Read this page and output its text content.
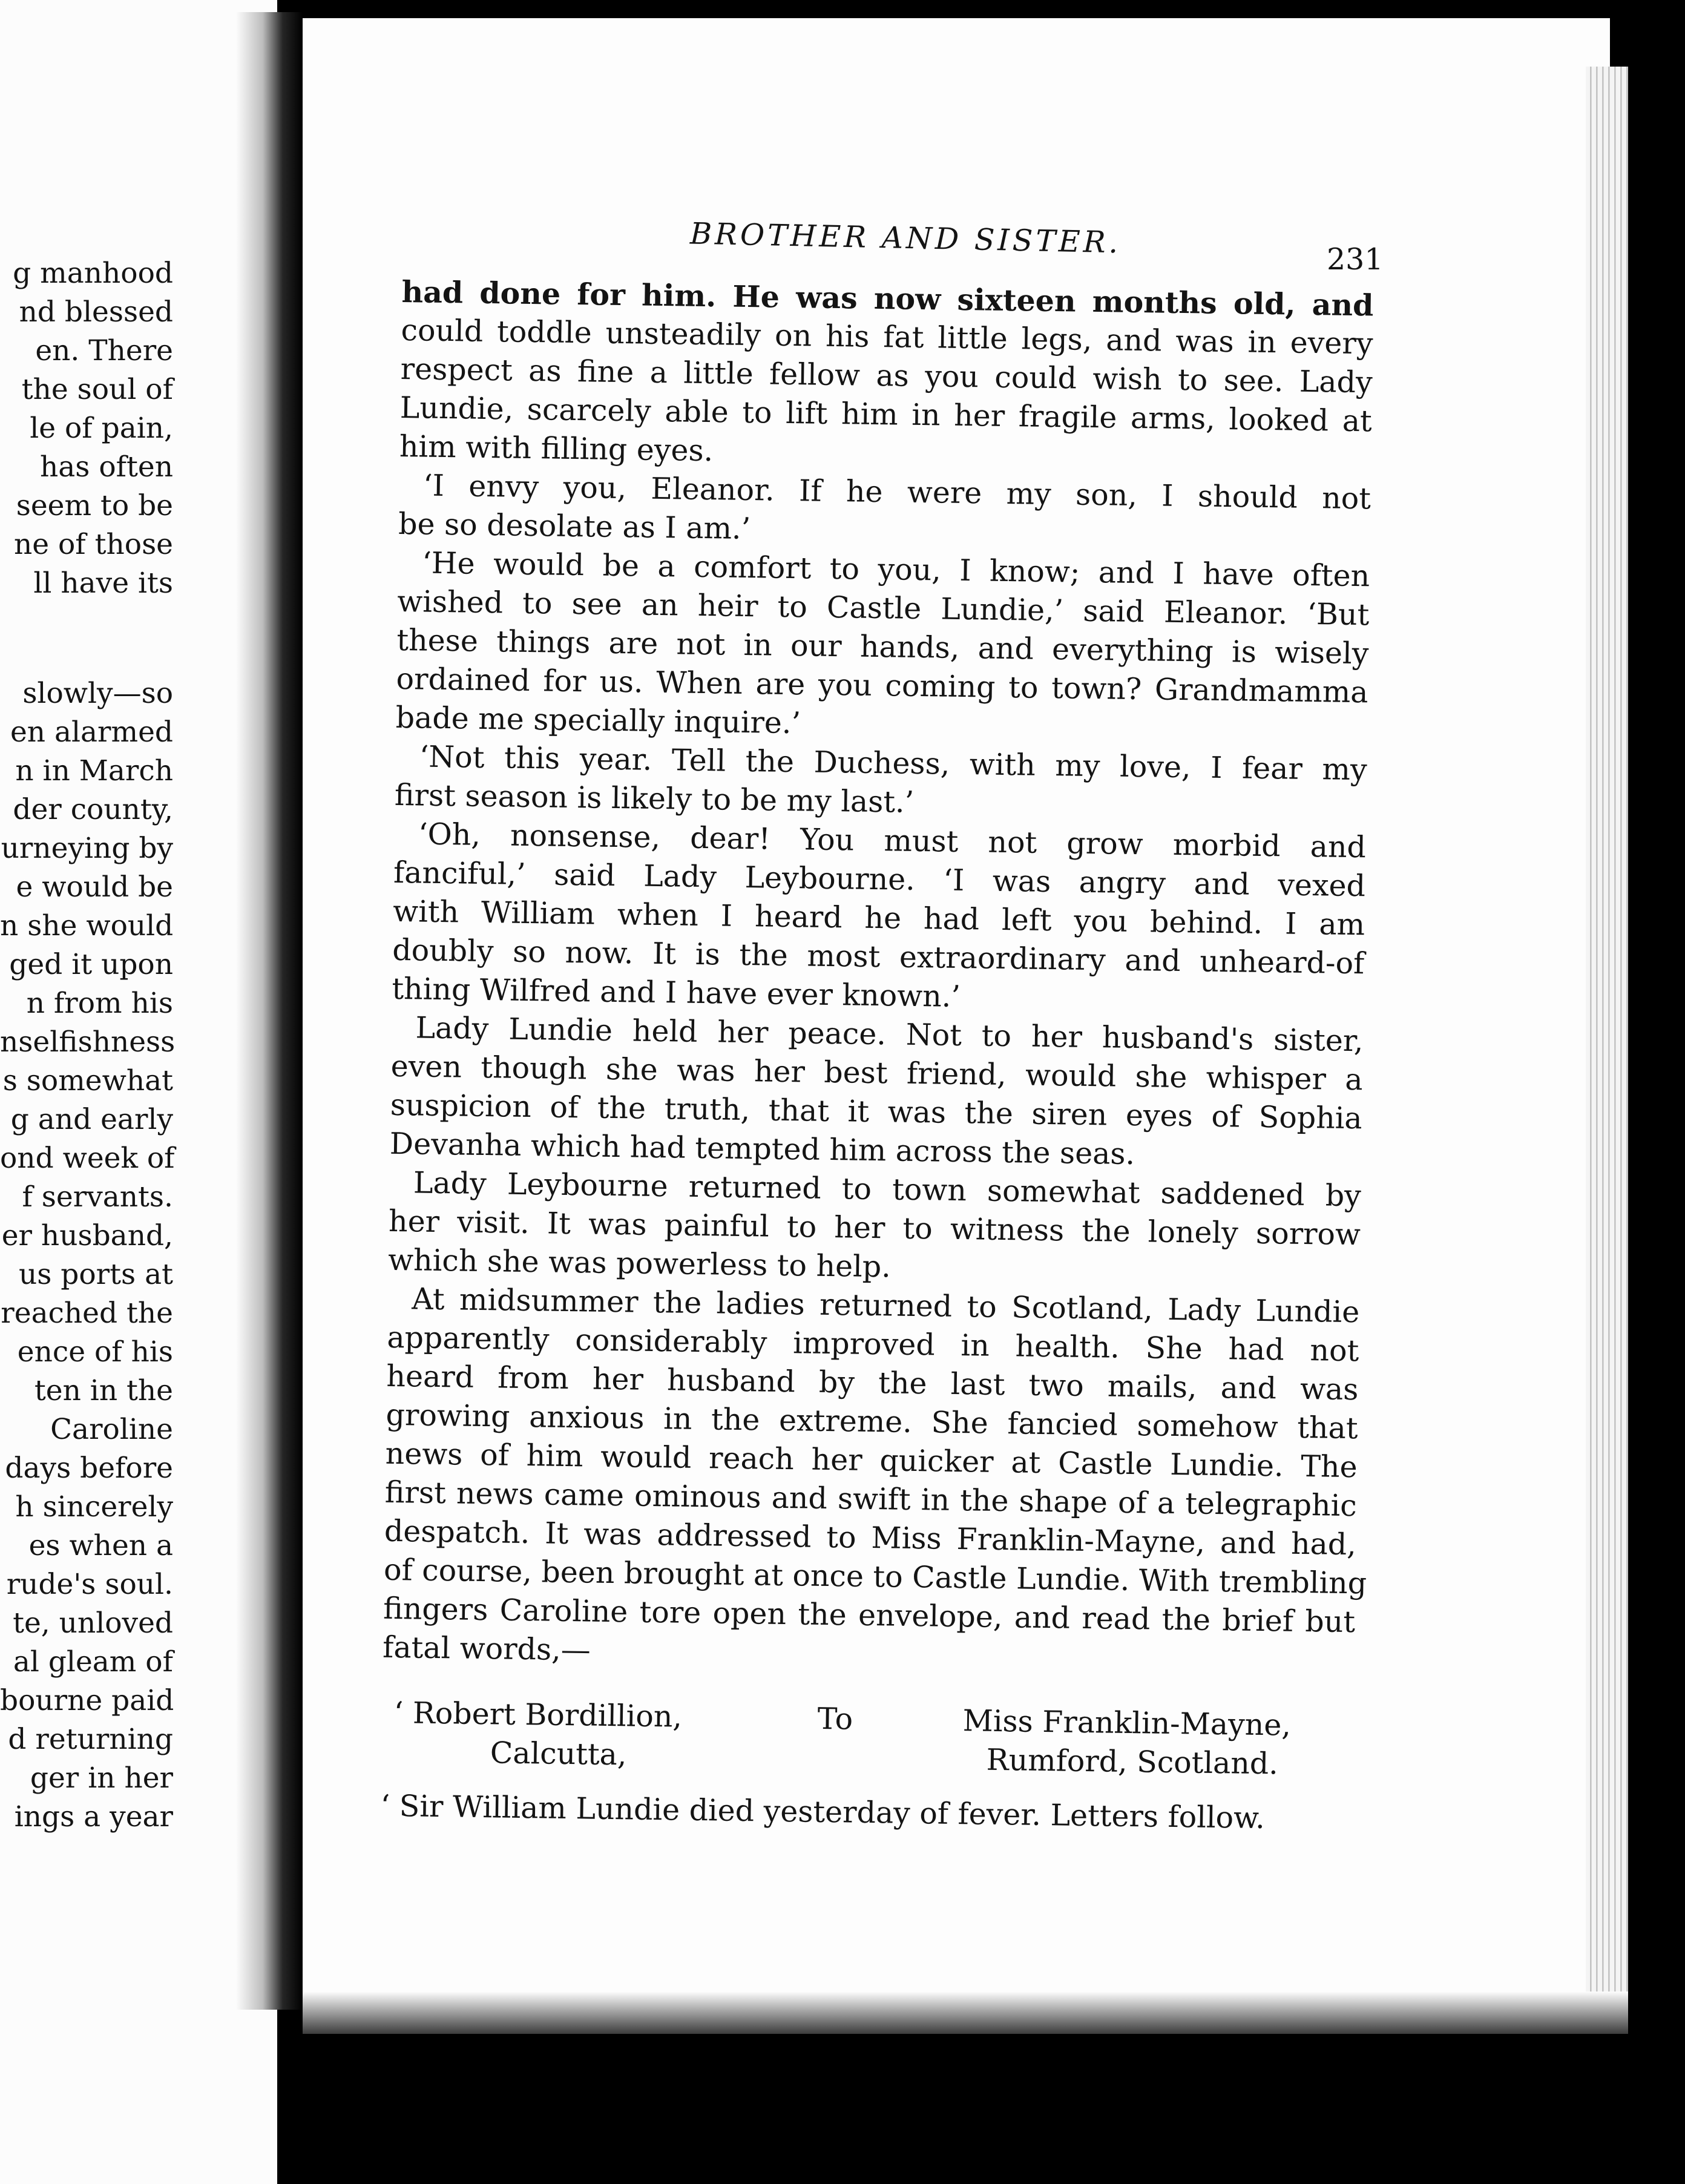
g manhood
nd blessed
en. There
the soul of
le of pain,
has often
seem to be
ne of those
ll have its
slowly—so
en alarmed
n in March
der county,
urneying by
e would be
n she would
ged it upon
n from his
nselfishness
s somewhat
g and early
ond week of
f servants.
er husband,
us ports at
reached the
ence of his
ten in the
Caroline
days before
h sincerely
es when a
rude's soul.
te, unloved
al gleam of
bourne paid
d returning
ger in her
ings a year
BROTHER AND SISTER.	231
had done for him. He was now sixteen months old, and
could toddle unsteadily on his fat little legs, and was in every
respect as fine a little fellow as you could wish to see. Lady
Lundie, scarcely able to lift him in her fragile arms, looked at
him with filling eyes.
‘I envy you, Eleanor. If he were my son, I should not
be so desolate as I am.’
‘He would be a comfort to you, I know; and I have often
wished to see an heir to Castle Lundie,’ said Eleanor. ‘But
these things are not in our hands, and everything is wisely
ordained for us. When are you coming to town? Grandmamma
bade me specially inquire.’
‘Not this year. Tell the Duchess, with my love, I fear my
first season is likely to be my last.’
‘Oh, nonsense, dear! You must not grow morbid and
fanciful,’ said Lady Leybourne. ‘I was angry and vexed
with William when I heard he had left you behind. I am
doubly so now. It is the most extraordinary and unheard-of
thing Wilfred and I have ever known.’
Lady Lundie held her peace. Not to her husband's sister,
even though she was her best friend, would she whisper a
suspicion of the truth, that it was the siren eyes of Sophia
Devanha which had tempted him across the seas.
Lady Leybourne returned to town somewhat saddened by
her visit. It was painful to her to witness the lonely sorrow
which she was powerless to help.
At midsummer the ladies returned to Scotland, Lady Lundie
apparently considerably improved in health. She had not
heard from her husband by the last two mails, and was
growing anxious in the extreme. She fancied somehow that
news of him would reach her quicker at Castle Lundie. The
first news came ominous and swift in the shape of a telegraphic
despatch. It was addressed to Miss Franklin-Mayne, and had,
of course, been brought at once to Castle Lundie. With trembling
fingers Caroline tore open the envelope, and read the brief but
fatal words,—
‘ Robert Bordillion,
Calcutta,
To	Miss Franklin-Mayne,
Rumford, Scotland.
‘ Sir William Lundie died yesterday of fever. Letters follow.
